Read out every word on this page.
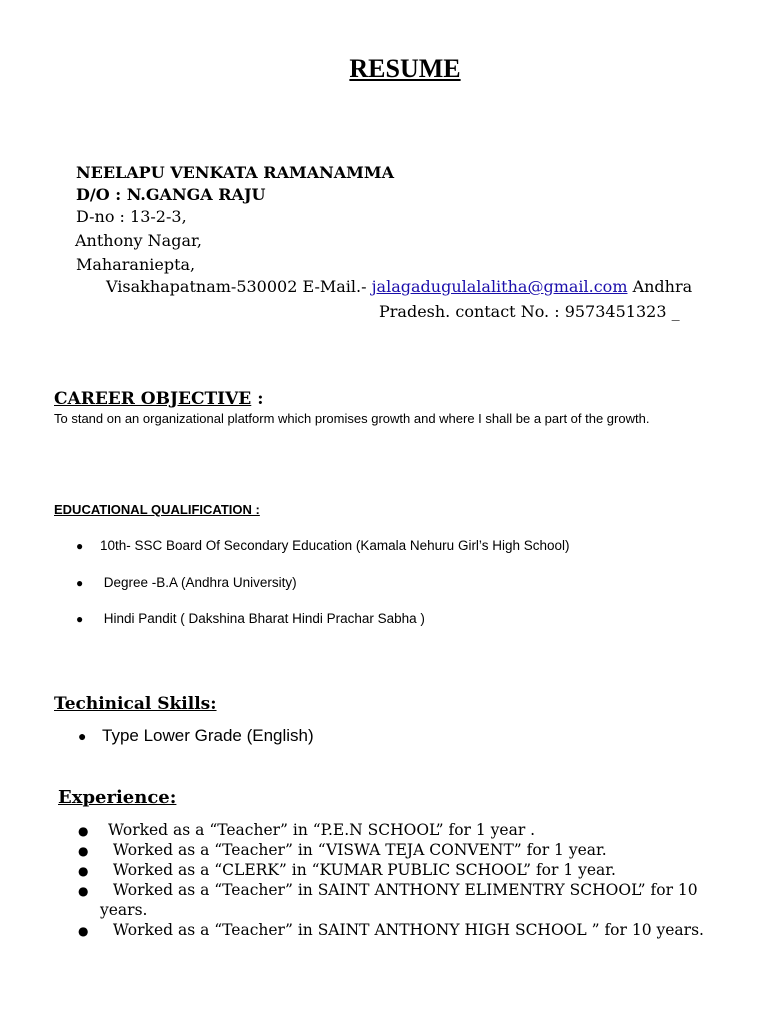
RESUME
NEELAPU VENKATA RAMANAMMA
D/O : N.GANGA RAJU
D-no : 13-2-3,
Anthony Nagar,
Maharaniepta,
Visakhapatnam-530002 E-Mail.- jalagadugulalalitha@gmail.com Andhra
Pradesh. contact No. : 9573451323 _
CAREER OBJECTIVE :
To stand on an organizational platform which promises growth and where I shall be a part of the growth.
EDUCATIONAL QUALIFICATION :
● 10th- SSC Board Of Secondary Education (Kamala Nehuru Girl’s High School)
● Degree -B.A (Andhra University)
● Hindi Pandit ( Dakshina Bharat Hindi Prachar Sabha )
Techinical Skills:
● Type Lower Grade (English)
Experience:
● Worked as a “Teacher” in “P.E.N SCHOOL” for 1 year .
● Worked as a “Teacher” in “VISWA TEJA CONVENT” for 1 year.
● Worked as a “CLERK” in “KUMAR PUBLIC SCHOOL” for 1 year.
● Worked as a “Teacher” in SAINT ANTHONY ELIMENTRY SCHOOL” for 10
years.
● Worked as a “Teacher” in SAINT ANTHONY HIGH SCHOOL ” for 10 years.
